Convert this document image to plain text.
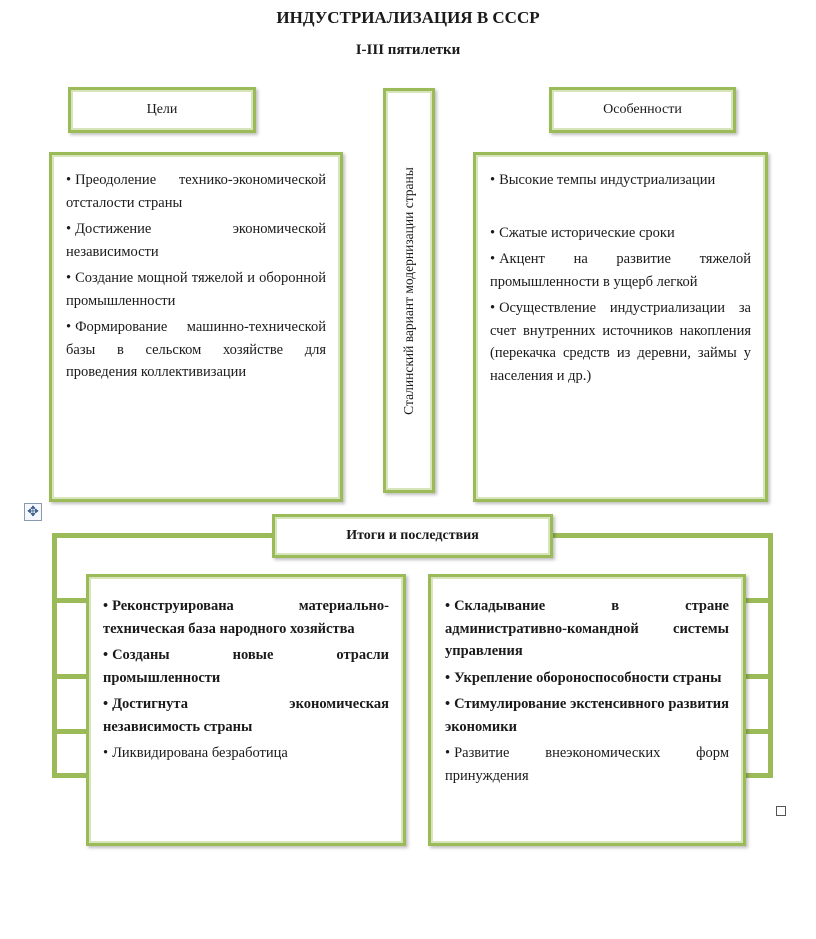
ИНДУСТРИАЛИЗАЦИЯ В СССР
I-III пятилетки
Цели	Особенности
Сталинский вариант модернизации страны
• Преодоление технико-экономической отсталости страны
• Достижение экономической независимости
• Создание мощной тяжелой и оборонной промышленности
• Формирование машинно-технической базы в сельском хозяйстве для проведения коллективизации
• Высокие темпы индустриализации
• Сжатые исторические сроки
• Акцент на развитие тяжелой промышленности в ущерб легкой
• Осуществление индустриализации за счет внутренних источников накопления (перекачка средств из деревни, займы у населения и др.)
✥
Итоги и последствия
• Реконструирована материально-техническая база народного хозяйства
• Созданы новые отрасли промышленности
• Достигнута экономическая независимость страны
• Ликвидирована безработица
• Складывание в стране административно-командной системы управления
• Укрепление обороноспособности страны
• Стимулирование экстенсивного развития экономики
• Развитие внеэкономических форм принуждения
